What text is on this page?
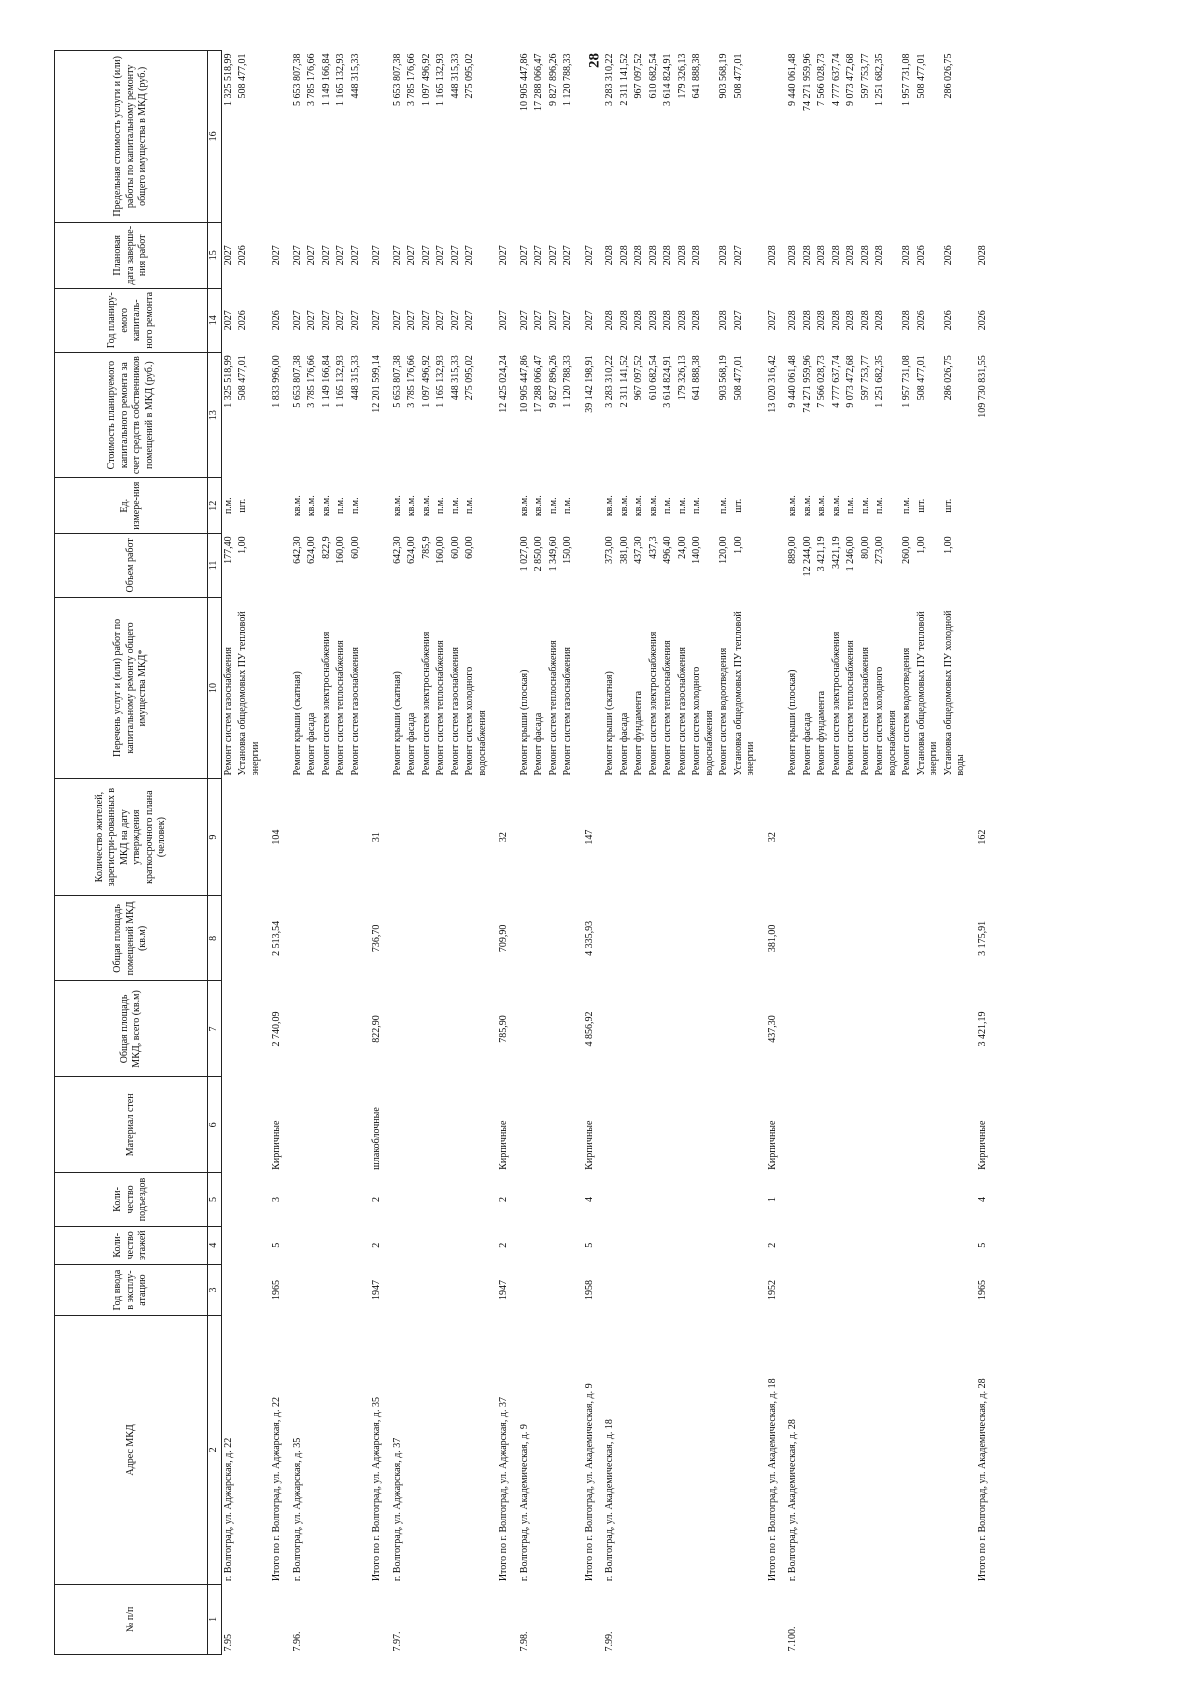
28
№ п/п	Адрес МКД	Год ввода в эксплу-атацию	Коли-чество этажей	Коли-чество подъездов	Материал стен	Общая площадь МКД, всего (кв.м)	Общая площадь помещений МКД (кв.м)	Количество жителей, зарегистри-рованных в МКД на дату утверждения краткосрочного плана (человек)	Перечень услуг и (или) работ по капитальному ремонту общего имущества МКД*	Объем работ	Ед. измере-ния	Стоимость планируемого капитального ремонта за счет средств собственников помещений в МКД (руб.)	Год планиру-емого капиталь-ного ремонта	Плановая дата заверше-ния работ	Предельная стоимость услуги и (или) работы по капитальному ремонту общего имущества в МКД (руб.)
1	2	3	4	5	6	7	8	9	10	11	12	13	14	15	16
7.95	г. Волгоград, ул. Аджарская, д. 22								Ремонт систем газоснабжения	177,40	п.м.	1 325 518,99	2027	2027	1 325 518,99
									Установка общедомовых ПУ тепловой энергии	1,00	шт.	508 477,01	2026	2026	508 477,01
	Итого по г. Волгоград, ул. Аджарская, д. 22	1965	5	3	Кирпичные	2 740,09	2 513,54	104				1 833 996,00	2026	2027	

7.96.	г. Волгоград, ул. Аджарская, д. 35								Ремонт крыши (скатная)	642,30	кв.м.	5 653 807,38	2027	2027	5 653 807,38
									Ремонт фасада	624,00	кв.м.	3 785 176,66	2027	2027	3 785 176,66
									Ремонт систем электроснабжения	822,9	кв.м.	1 149 166,84	2027	2027	1 149 166,84
									Ремонт систем теплоснабжения	160,00	п.м.	1 165 132,93	2027	2027	1 165 132,93
									Ремонт систем газоснабжения	60,00	п.м.	448 315,33	2027	2027	448 315,33
	Итого по г. Волгоград, ул. Аджарская, д. 35	1947	2	2	шлакоблочные	822,90	736,70	31				12 201 599,14	2027	2027	

7.97.	г. Волгоград, ул. Аджарская, д. 37								Ремонт крыши (скатная)	642,30	кв.м.	5 653 807,38	2027	2027	5 653 807,38
									Ремонт фасада	624,00	кв.м.	3 785 176,66	2027	2027	3 785 176,66
									Ремонт систем электроснабжения	785,9	кв.м.	1 097 496,92	2027	2027	1 097 496,92
									Ремонт систем теплоснабжения	160,00	п.м.	1 165 132,93	2027	2027	1 165 132,93
									Ремонт систем газоснабжения	60,00	п.м.	448 315,33	2027	2027	448 315,33
									Ремонт систем холодного водоснабжения	60,00	п.м.	275 095,02	2027	2027	275 095,02
	Итого по г. Волгоград, ул. Аджарская, д. 37	1947	2	2	Кирпичные	785,90	709,90	32				12 425 024,24	2027	2027	

7.98.	г. Волгоград, ул. Академическая, д. 9								Ремонт крыши (плоская)	1 027,00	кв.м.	10 905 447,86	2027	2027	10 905 447,86
									Ремонт фасада	2 850,00	кв.м.	17 288 066,47	2027	2027	17 288 066,47
									Ремонт систем теплоснабжения	1 349,60	п.м.	9 827 896,26	2027	2027	9 827 896,26
									Ремонт систем газоснабжения	150,00	п.м.	1 120 788,33	2027	2027	1 120 788,33
	Итого по г. Волгоград, ул. Академическая, д. 9	1958	5	4	Кирпичные	4 856,92	4 335,93	147				39 142 198,91	2027	2027	

7.99.	г. Волгоград, ул. Академическая, д. 18								Ремонт крыши (скатная)	373,00	кв.м.	3 283 310,22	2028	2028	3 283 310,22
									Ремонт фасада	381,00	кв.м.	2 311 141,52	2028	2028	2 311 141,52
									Ремонт фундамента	437,30	кв.м.	967 097,52	2028	2028	967 097,52
									Ремонт систем электроснабжения	437,3	кв.м.	610 682,54	2028	2028	610 682,54
									Ремонт систем теплоснабжения	496,40	п.м.	3 614 824,91	2028	2028	3 614 824,91
									Ремонт систем газоснабжения	24,00	п.м.	179 326,13	2028	2028	179 326,13
									Ремонт систем холодного водоснабжения	140,00	п.м.	641 888,38	2028	2028	641 888,38
									Ремонт систем водоотведения	120,00	п.м.	903 568,19	2028	2028	903 568,19
									Установка общедомовых ПУ тепловой энергии	1,00	шт.	508 477,01	2027	2027	508 477,01
	Итого по г. Волгоград, ул. Академическая, д. 18	1952	2	1	Кирпичные	437,30	381,00	32				13 020 316,42	2027	2028	

7.100.	г. Волгоград, ул. Академическая, д. 28								Ремонт крыши (плоская)	889,00	кв.м.	9 440 061,48	2028	2028	9 440 061,48
									Ремонт фасада	12 244,00	кв.м.	74 271 959,96	2028	2028	74 271 959,96
									Ремонт фундамента	3 421,19	кв.м.	7 566 028,73	2028	2028	7 566 028,73
									Ремонт систем электроснабжения	3421,19	кв.м.	4 777 637,74	2028	2028	4 777 637,74
									Ремонт систем теплоснабжения	1 246,00	п.м.	9 073 472,68	2028	2028	9 073 472,68
									Ремонт систем газоснабжения	80,00	п.м.	597 753,77	2028	2028	597 753,77
									Ремонт систем холодного водоснабжения	273,00	п.м.	1 251 682,35	2028	2028	1 251 682,35
									Ремонт систем водоотведения	260,00	п.м.	1 957 731,08	2028	2028	1 957 731,08
									Установка общедомовых ПУ тепловой энергии	1,00	шт.	508 477,01	2026	2026	508 477,01
									Установка общедомовых ПУ холодной воды	1,00	шт.	286 026,75	2026	2026	286 026,75
	Итого по г. Волгоград, ул. Академическая, д. 28	1965	5	4	Кирпичные	3 421,19	3 175,91	162				109 730 831,55	2026	2028	
